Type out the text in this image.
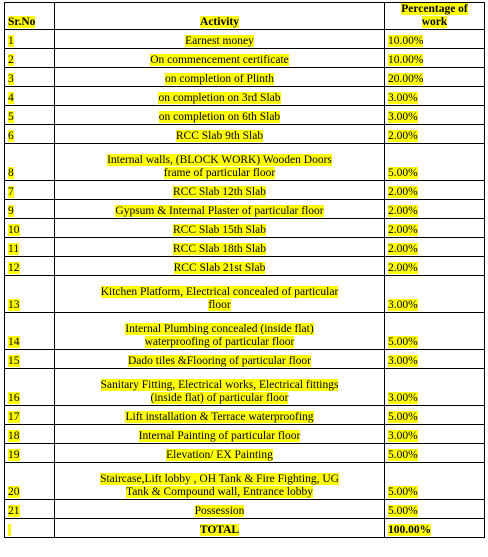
Sr.No	Activity	Percentage of
work
1	Earnest money	10.00%
2	On commencement certificate	10.00%
3	on completion of Plinth	20.00%
4	on completion on 3rd Slab	3.00%
5	on completion on 6th Slab	3.00%
6	RCC Slab 9th Slab	2.00%
8	Internal walls, (BLOCK WORK) Wooden Doors
frame of particular floor	5.00%
7	RCC Slab 12th Slab	2.00%
9	Gypsum & Internal Plaster of particular floor	2.00%
10	RCC Slab 15th Slab	2.00%
11	RCC Slab 18th Slab	2.00%
12	RCC Slab 21st Slab	2.00%
13	Kitchen Platform, Electrical concealed of particular
floor	3.00%
14	Internal Plumbing concealed (inside flat)
waterproofing of particular floor	5.00%
15	Dado tiles &Flooring of particular floor	3.00%
16	Sanitary Fitting, Electrical works, Electrical fittings
(inside flat) of particular floor	3.00%
17	Lift installation & Terrace waterproofing	5.00%
18	Internal Painting of particular floor	3.00%
19	Elevation/ EX Painting	5.00%
20	Staircase,Lift lobby , OH Tank & Fire Fighting, UG
Tank & Compound wall, Entrance lobby	5.00%
21	Possession	5.00%
	TOTAL	100.00%
